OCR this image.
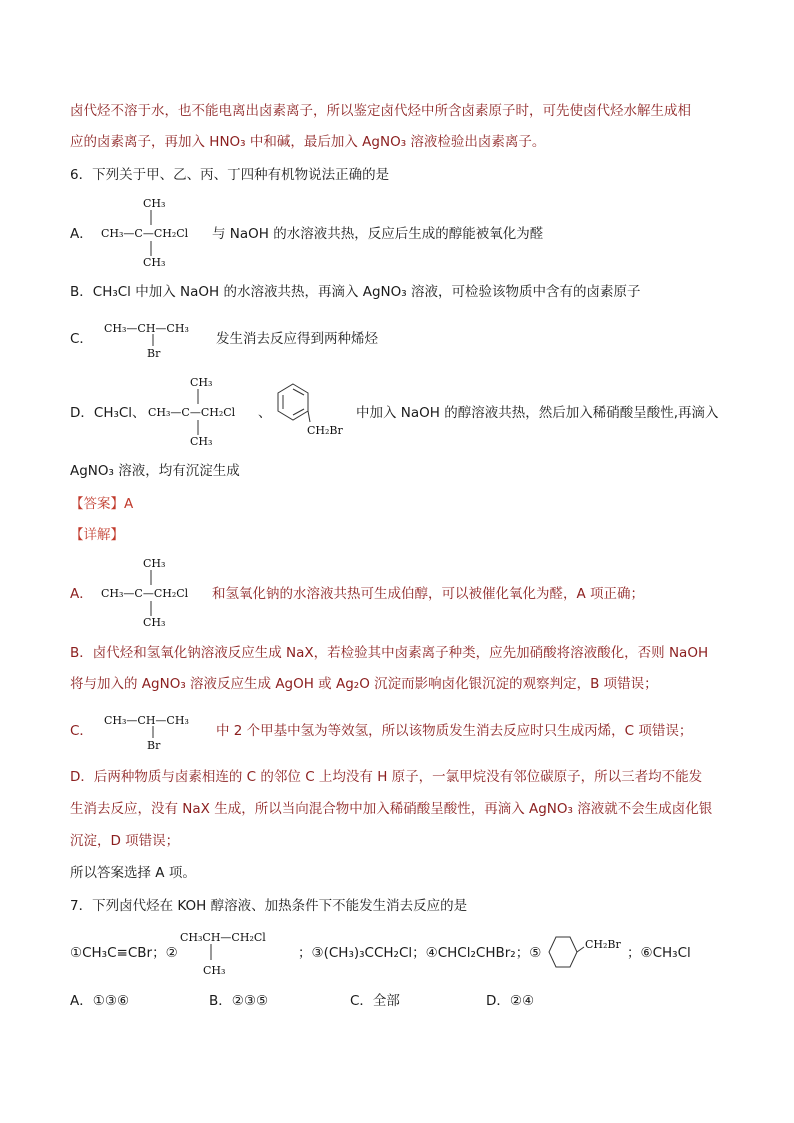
卤代烃不溶于水，也不能电离出卤素离子，所以鉴定卤代烃中所含卤素原子时，可先使卤代烃水解生成相
应的卤素离子，再加入 HNO₃ 中和碱，最后加入 AgNO₃ 溶液检验出卤素离子。
6．下列关于甲、乙、丙、丁四种有机物说法正确的是
A．
CH₃
CH₃—C—CH₂Cl
CH₃
与 NaOH 的水溶液共热，反应后生成的醇能被氧化为醛
B．CH₃Cl 中加入 NaOH 的水溶液共热，再滴入 AgNO₃ 溶液，可检验该物质中含有的卤素原子
C．
CH₃—CH—CH₃
Br
发生消去反应得到两种烯烃
D．CH₃Cl、
CH₃
CH₃—C—CH₂Cl
CH₃
、
CH₂Br
中加入 NaOH 的醇溶液共热，然后加入稀硝酸呈酸性,再滴入
AgNO₃ 溶液，均有沉淀生成
【答案】A
【详解】
A．
CH₃
CH₃—C—CH₂Cl
CH₃
和氢氧化钠的水溶液共热可生成伯醇，可以被催化氧化为醛，A 项正确；
B．卤代烃和氢氧化钠溶液反应生成 NaX，若检验其中卤素离子种类，应先加硝酸将溶液酸化，否则 NaOH
将与加入的 AgNO₃ 溶液反应生成 AgOH 或 Ag₂O 沉淀而影响卤化银沉淀的观察判定，B 项错误；
C．
CH₃—CH—CH₃
Br
中 2 个甲基中氢为等效氢，所以该物质发生消去反应时只生成丙烯，C 项错误；
D．后两种物质与卤素相连的 C 的邻位 C 上均没有 H 原子，一氯甲烷没有邻位碳原子，所以三者均不能发
生消去反应，没有 NaX 生成，所以当向混合物中加入稀硝酸呈酸性，再滴入 AgNO₃ 溶液就不会生成卤化银
沉淀，D 项错误；
所以答案选择 A 项。
7．下列卤代烃在 KOH 醇溶液、加热条件下不能发生消去反应的是
①CH₃C≡CBr；②
CH₃CH—CH₂Cl
CH₃
；③(CH₃)₃CCH₂Cl；④CHCl₂CHBr₂；⑤
CH₂Br
；⑥CH₃Cl
A．①③⑥	B．②③⑤	C．全部	D．②④
